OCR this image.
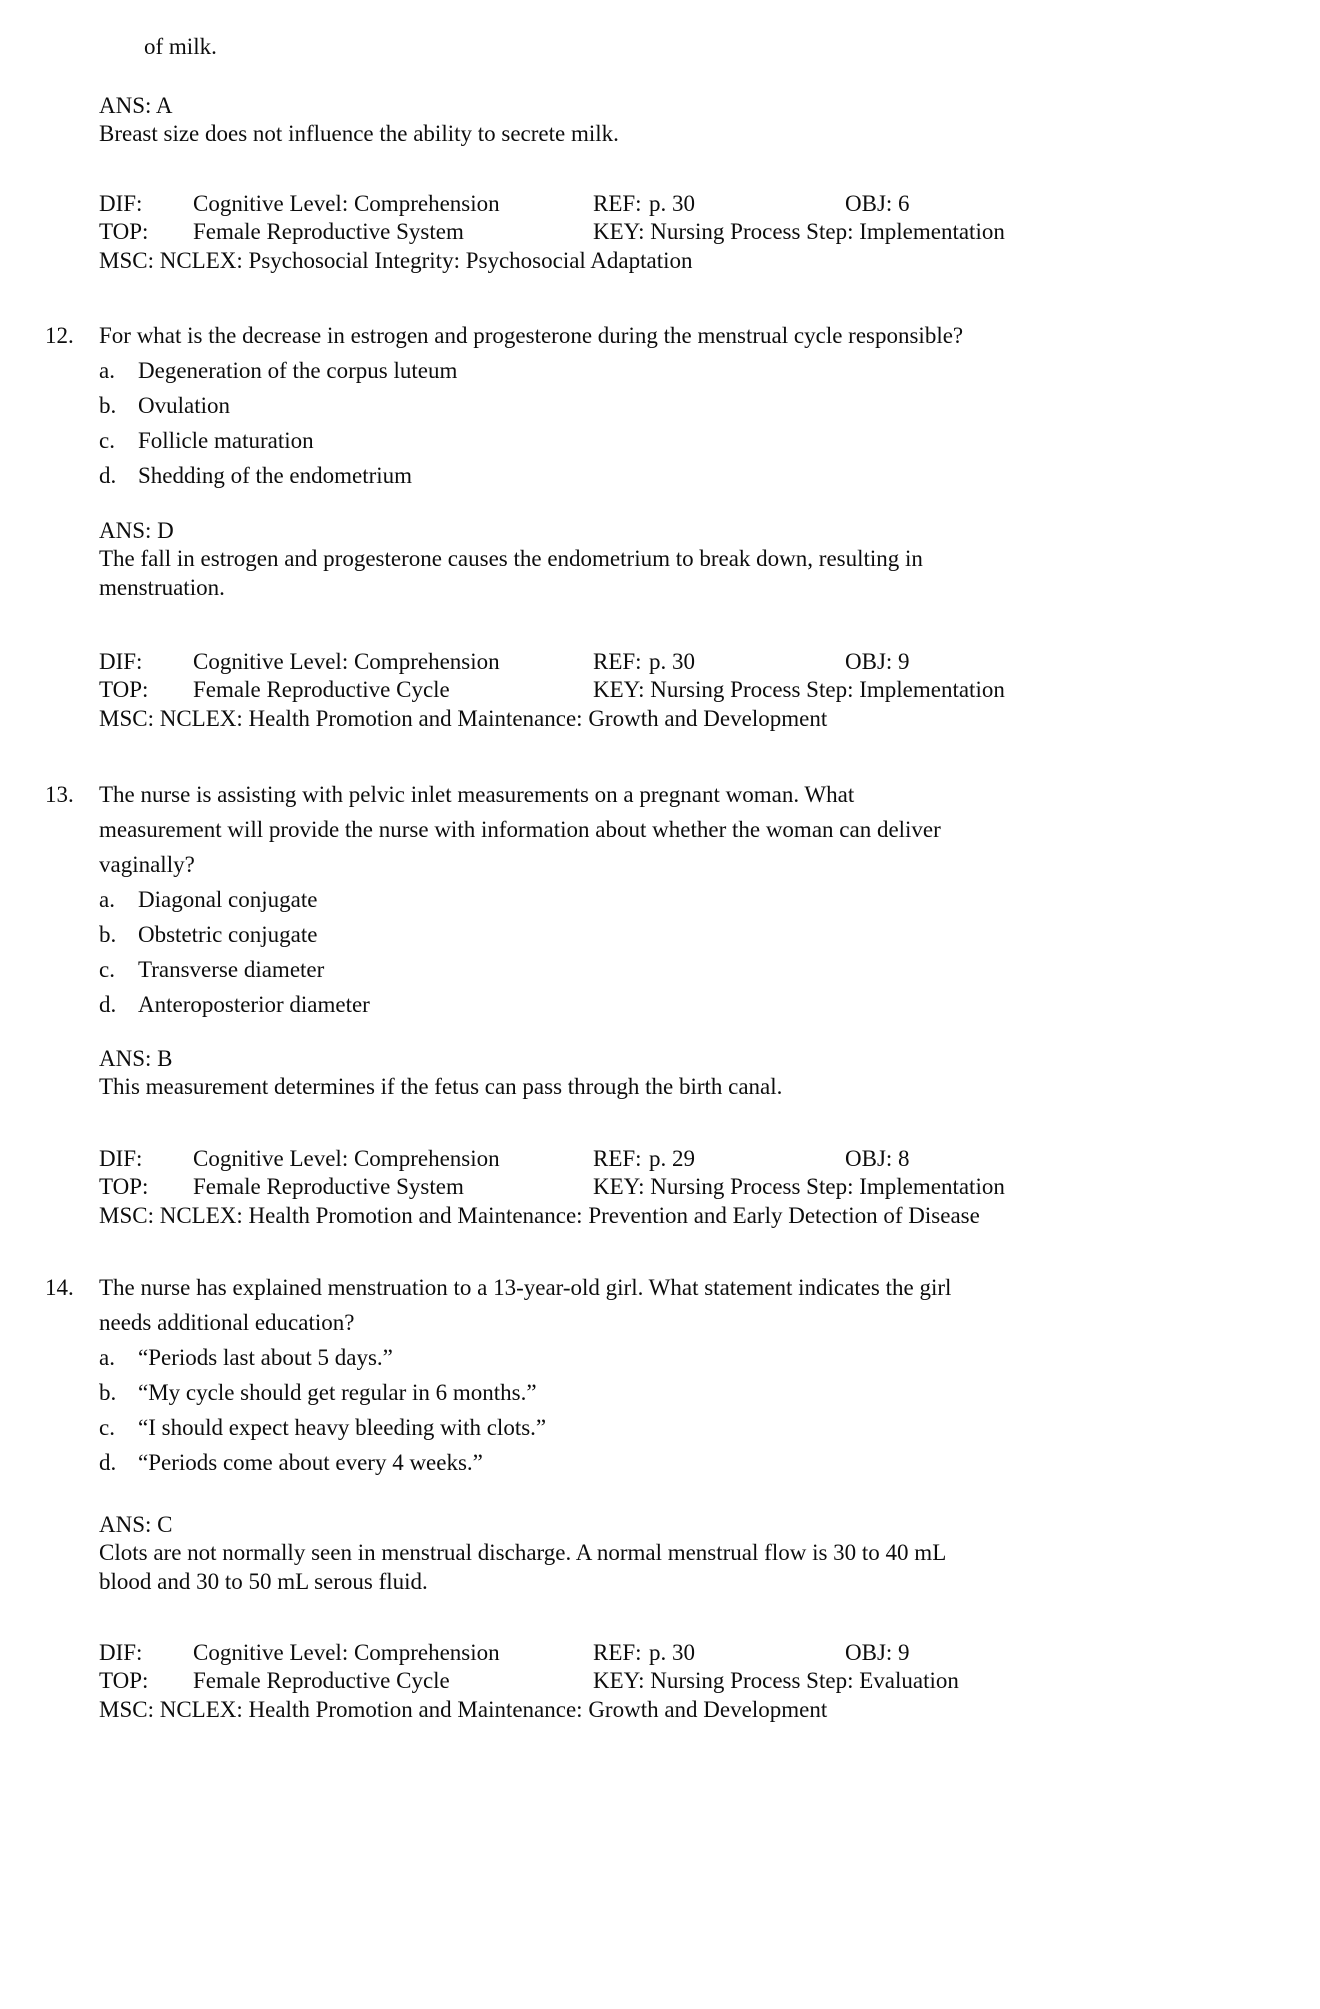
of milk.
ANS: A
Breast size does not influence the ability to secrete milk.
DIF: Cognitive Level: Comprehension	REF: p. 30	OBJ: 6
TOP: Female Reproductive System	KEY: Nursing Process Step: Implementation
MSC: NCLEX: Psychosocial Integrity: Psychosocial Adaptation
12. For what is the decrease in estrogen and progesterone during the menstrual cycle responsible?
a. Degeneration of the corpus luteum
b. Ovulation
c. Follicle maturation
d. Shedding of the endometrium
ANS: D
The fall in estrogen and progesterone causes the endometrium to break down, resulting in
menstruation.
DIF: Cognitive Level: Comprehension	REF: p. 30	OBJ: 9
TOP: Female Reproductive Cycle	KEY: Nursing Process Step: Implementation
MSC: NCLEX: Health Promotion and Maintenance: Growth and Development
13. The nurse is assisting with pelvic inlet measurements on a pregnant woman. What
measurement will provide the nurse with information about whether the woman can deliver
vaginally?
a. Diagonal conjugate
b. Obstetric conjugate
c. Transverse diameter
d. Anteroposterior diameter
ANS: B
This measurement determines if the fetus can pass through the birth canal.
DIF: Cognitive Level: Comprehension	REF: p. 29	OBJ: 8
TOP: Female Reproductive System	KEY: Nursing Process Step: Implementation
MSC: NCLEX: Health Promotion and Maintenance: Prevention and Early Detection of Disease
14. The nurse has explained menstruation to a 13-year-old girl. What statement indicates the girl
needs additional education?
a. “Periods last about 5 days.”
b. “My cycle should get regular in 6 months.”
c. “I should expect heavy bleeding with clots.”
d. “Periods come about every 4 weeks.”
ANS: C
Clots are not normally seen in menstrual discharge. A normal menstrual flow is 30 to 40 mL
blood and 30 to 50 mL serous fluid.
DIF: Cognitive Level: Comprehension	REF: p. 30	OBJ: 9
TOP: Female Reproductive Cycle	KEY: Nursing Process Step: Evaluation
MSC: NCLEX: Health Promotion and Maintenance: Growth and Development
